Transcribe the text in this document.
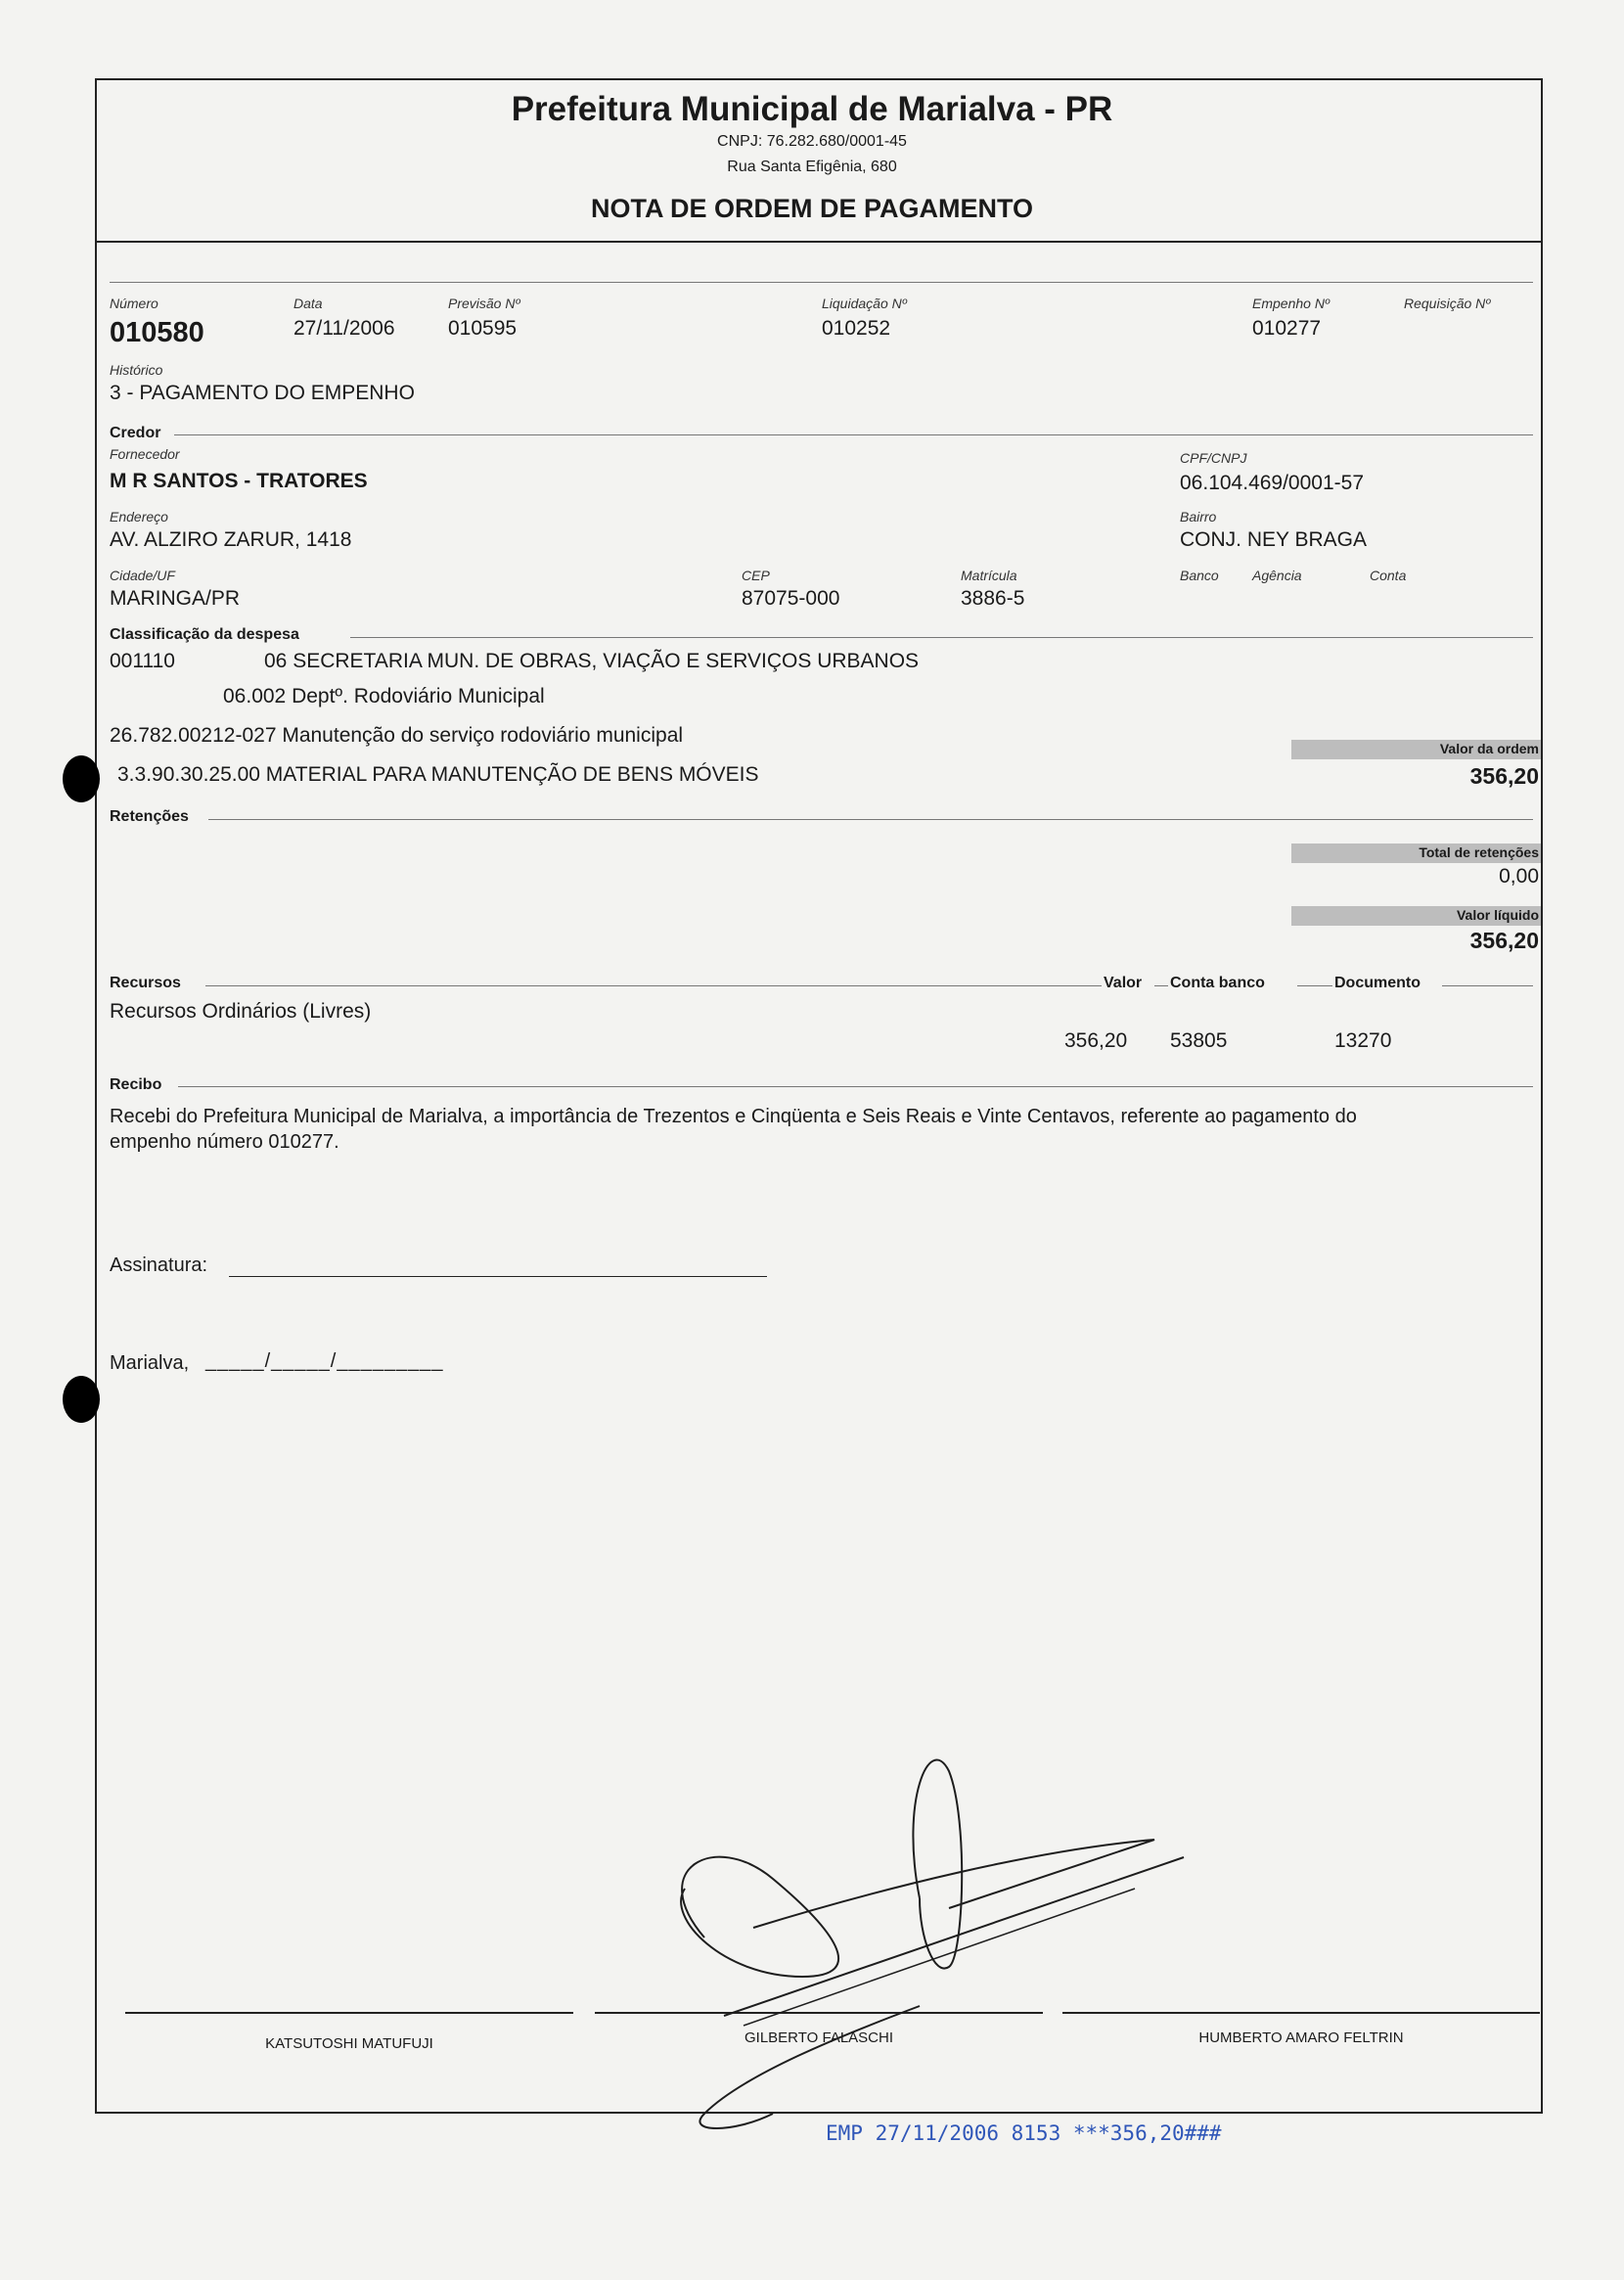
Prefeitura Municipal de Marialva - PR
CNPJ: 76.282.680/0001-45
Rua Santa Efigênia, 680
NOTA DE ORDEM DE PAGAMENTO
Número
010580
Data
27/11/2006
Previsão Nº
010595
Liquidação Nº
010252
Empenho Nº
010277
Requisição Nº
Histórico
3 - PAGAMENTO DO EMPENHO
Credor
Fornecedor
M R SANTOS - TRATORES
CPF/CNPJ
06.104.469/0001-57
Endereço
AV. ALZIRO ZARUR, 1418
Bairro
CONJ. NEY BRAGA
Cidade/UF
MARINGA/PR
CEP
87075-000
Matrícula
3886-5
Banco Agência	Conta
Classificação da despesa
001110	06 SECRETARIA MUN. DE OBRAS, VIAÇÃO E SERVIÇOS URBANOS
06.002 Deptº. Rodoviário Municipal
26.782.00212-027 Manutenção do serviço rodoviário municipal
3.3.90.30.25.00 MATERIAL PARA MANUTENÇÃO DE BENS MÓVEIS
Valor da ordem
356,20
Retenções
Total de retenções
0,00
Valor líquido
356,20
Recursos	Valor Conta banco	Documento
Recursos Ordinários (Livres)
356,20 53805	13270
Recibo
Recebi do Prefeitura Municipal de Marialva, a importância de Trezentos e Cinqüenta e Seis Reais e Vinte Centavos, referente ao pagamento do
empenho número 010277.
Assinatura:
Marialva, _____/_____/_________
KATSUTOSHI MATUFUJI	GILBERTO FALASCHI	HUMBERTO AMARO FELTRIN
EMP 27/11/2006 8153 ***356,20###
